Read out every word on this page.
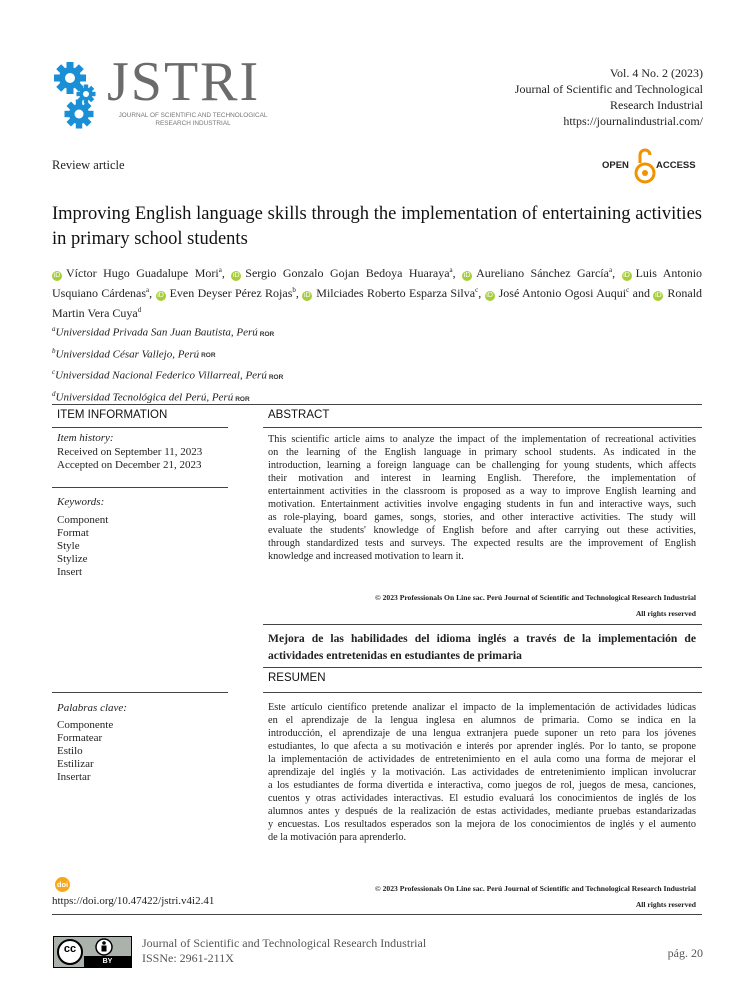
JSTRI
JOURNAL OF SCIENTIFIC AND TECHNOLOGICAL RESEARCH INDUSTRIAL
Vol. 4 No. 2 (2023)
Journal of Scientific and Technological
Research Industrial
https://journalindustrial.com/
Review article	OPEN	ACCESS
Improving English language skills through the implementation of entertaining activities in primary school students
iD Víctor Hugo Guadalupe Mori$^a$, iD Sergio Gonzalo Gojan Bedoya Huaraya$^a$, iD Aureliano Sánchez García$^a$, iD Luis Antonio Usquiano Cárdenas$^a$, iD Even Deyser Pérez Rojas$^b$, iD Milciades Roberto Esparza Silva$^c$, iD José Antonio Ogosi Auqui$^c$ and iD Ronald Martin Vera Cuya$^d$
$^a$Universidad Privada San Juan Bautista, Perú ROR
$^b$Universidad César Vallejo, Perú ROR
$^c$Universidad Nacional Federico Villarreal, Perú ROR
$^d$Universidad Tecnológica del Perú, Perú ROR
ITEM INFORMATION	ABSTRACT
Item history:
Received on September 11, 2023
Accepted on December 21, 2023
Keywords:
Component
Format
Style
Stylize
Insert
This scientific article aims to analyze the impact of the implementation of recreational activities
on the learning of the English language in primary school students. As indicated in the
introduction, learning a foreign language can be challenging for young students, which affects
their motivation and interest in learning English. Therefore, the implementation of
entertainment activities in the classroom is proposed as a way to improve English learning and
motivation. Entertainment activities involve engaging students in fun and interactive ways, such
as role-playing, board games, songs, stories, and other interactive activities. The study will
evaluate the students' knowledge of English before and after carrying out these activities,
through standardized tests and surveys. The expected results are the improvement of English
knowledge and increased motivation to learn it.
© 2023 Professionals On Line sac. Perú Journal of Scientific and Technological Research Industrial
All rights reserved
Mejora de las habilidades del idioma inglés a través de la implementación de
actividades entretenidas en estudiantes de primaria
RESUMEN
Palabras clave:
Componente
Formatear
Estilo
Estilizar
Insertar
Este artículo científico pretende analizar el impacto de la implementación de actividades lúdicas
en el aprendizaje de la lengua inglesa en alumnos de primaria. Como se indica en la
introducción, el aprendizaje de una lengua extranjera puede suponer un reto para los jóvenes
estudiantes, lo que afecta a su motivación e interés por aprender inglés. Por lo tanto, se propone
la implementación de actividades de entretenimiento en el aula como una forma de mejorar el
aprendizaje del inglés y la motivación. Las actividades de entretenimiento implican involucrar
a los estudiantes de forma divertida e interactiva, como juegos de rol, juegos de mesa, canciones,
cuentos y otras actividades interactivas. El estudio evaluará los conocimientos de inglés de los
alumnos antes y después de la realización de estas actividades, mediante pruebas estandarizadas
y encuestas. Los resultados esperados son la mejora de los conocimientos de inglés y el aumento
de la motivación para aprenderlo.
© 2023 Professionals On Line sac. Perú Journal of Scientific and Technological Research Industrial
All rights reserved
doi
https://doi.org/10.47422/jstri.v4i2.41
cc
BY
Journal of Scientific and Technological Research Industrial
ISSNe: 2961-211X	pág. 20
